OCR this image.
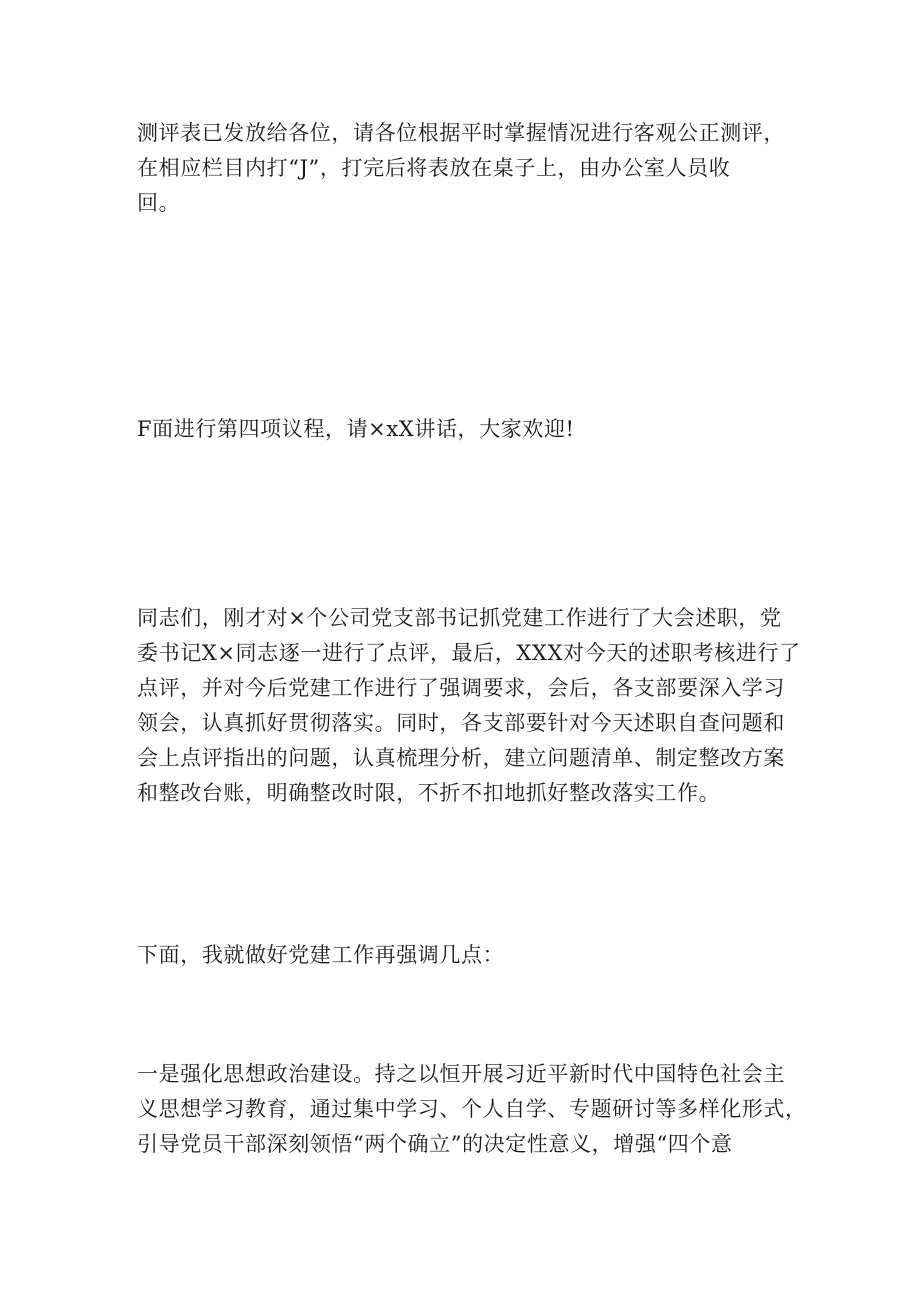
测评表已发放给各位，请各位根据平时掌握情况进行客观公正测评，
在相应栏目内打“J”，打完后将表放在桌子上，由办公室人员收
回。

F面进行第四项议程，请×xX讲话，大家欢迎!

同志们，刚才对×个公司党支部书记抓党建工作进行了大会述职，党
委书记X×同志逐一进行了点评，最后，XXX对今天的述职考核进行了
点评，并对今后党建工作进行了强调要求，会后，各支部要深入学习
领会，认真抓好贯彻落实。同时，各支部要针对今天述职自查问题和
会上点评指出的问题，认真梳理分析，建立问题清单、制定整改方案
和整改台账，明确整改时限，不折不扣地抓好整改落实工作。

下面，我就做好党建工作再强调几点：

一是强化思想政治建设。持之以恒开展习近平新时代中国特色社会主
义思想学习教育，通过集中学习、个人自学、专题研讨等多样化形式，
引导党员干部深刻领悟“两个确立”的决定性意义，增强“四个意
